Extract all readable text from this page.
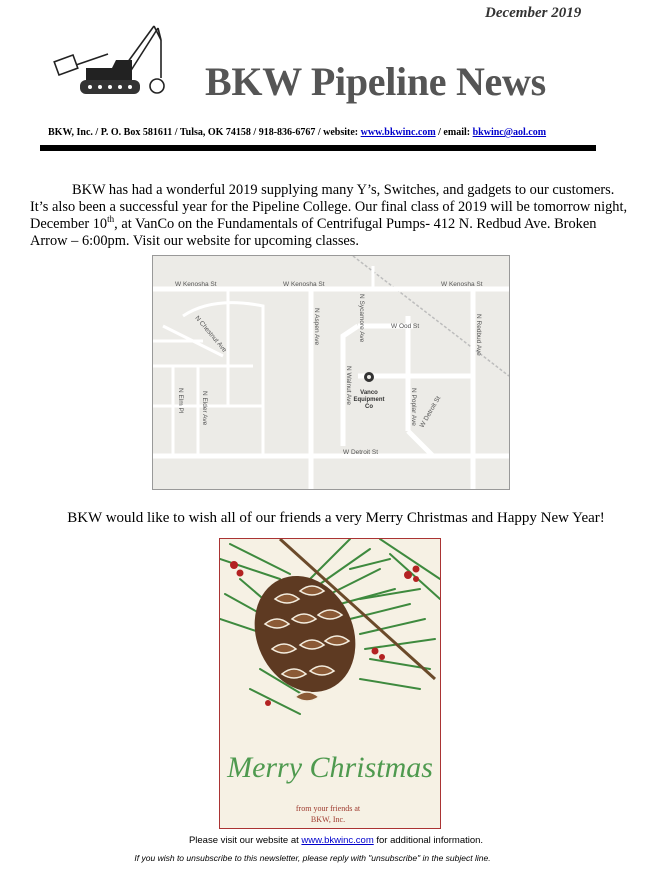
December 2019
BKW Pipeline News
BKW, Inc. / P. O. Box 581611 / Tulsa, OK 74158 / 918-836-6767 / website: www.bkwinc.com / email: bkwinc@aol.com

BKW has had a wonderful 2019 supplying many Y’s, Switches, and gadgets to our customers. It’s also been a successful year for the Pipeline College. Our final class of 2019 will be tomorrow night, December 10th, at VanCo on the Fundamentals of Centrifugal Pumps- 412 N. Redbud Ave. Broken Arrow – 6:00pm. Visit our website for upcoming classes.

W Kenosha St	W Kenosha St	W Kenosha St
N Elm Pl	N Elder Ave
N Chestnut Ave	N Aspen Ave
N Walnut Ave
N Sycamore Ave
N Poplar Ave
N Redbud Ave
W Detroit St
W Detroit St
W Ood St
Vanco
Equipment
Co
BKW would like to wish all of our friends a very Merry Christmas and Happy New Year!
Merry Christmas
from your friends at
BKW, Inc.
Please visit our website at www.bkwinc.com for additional information.
If you wish to unsubscribe to this newsletter, please reply with "unsubscribe" in the subject line.
